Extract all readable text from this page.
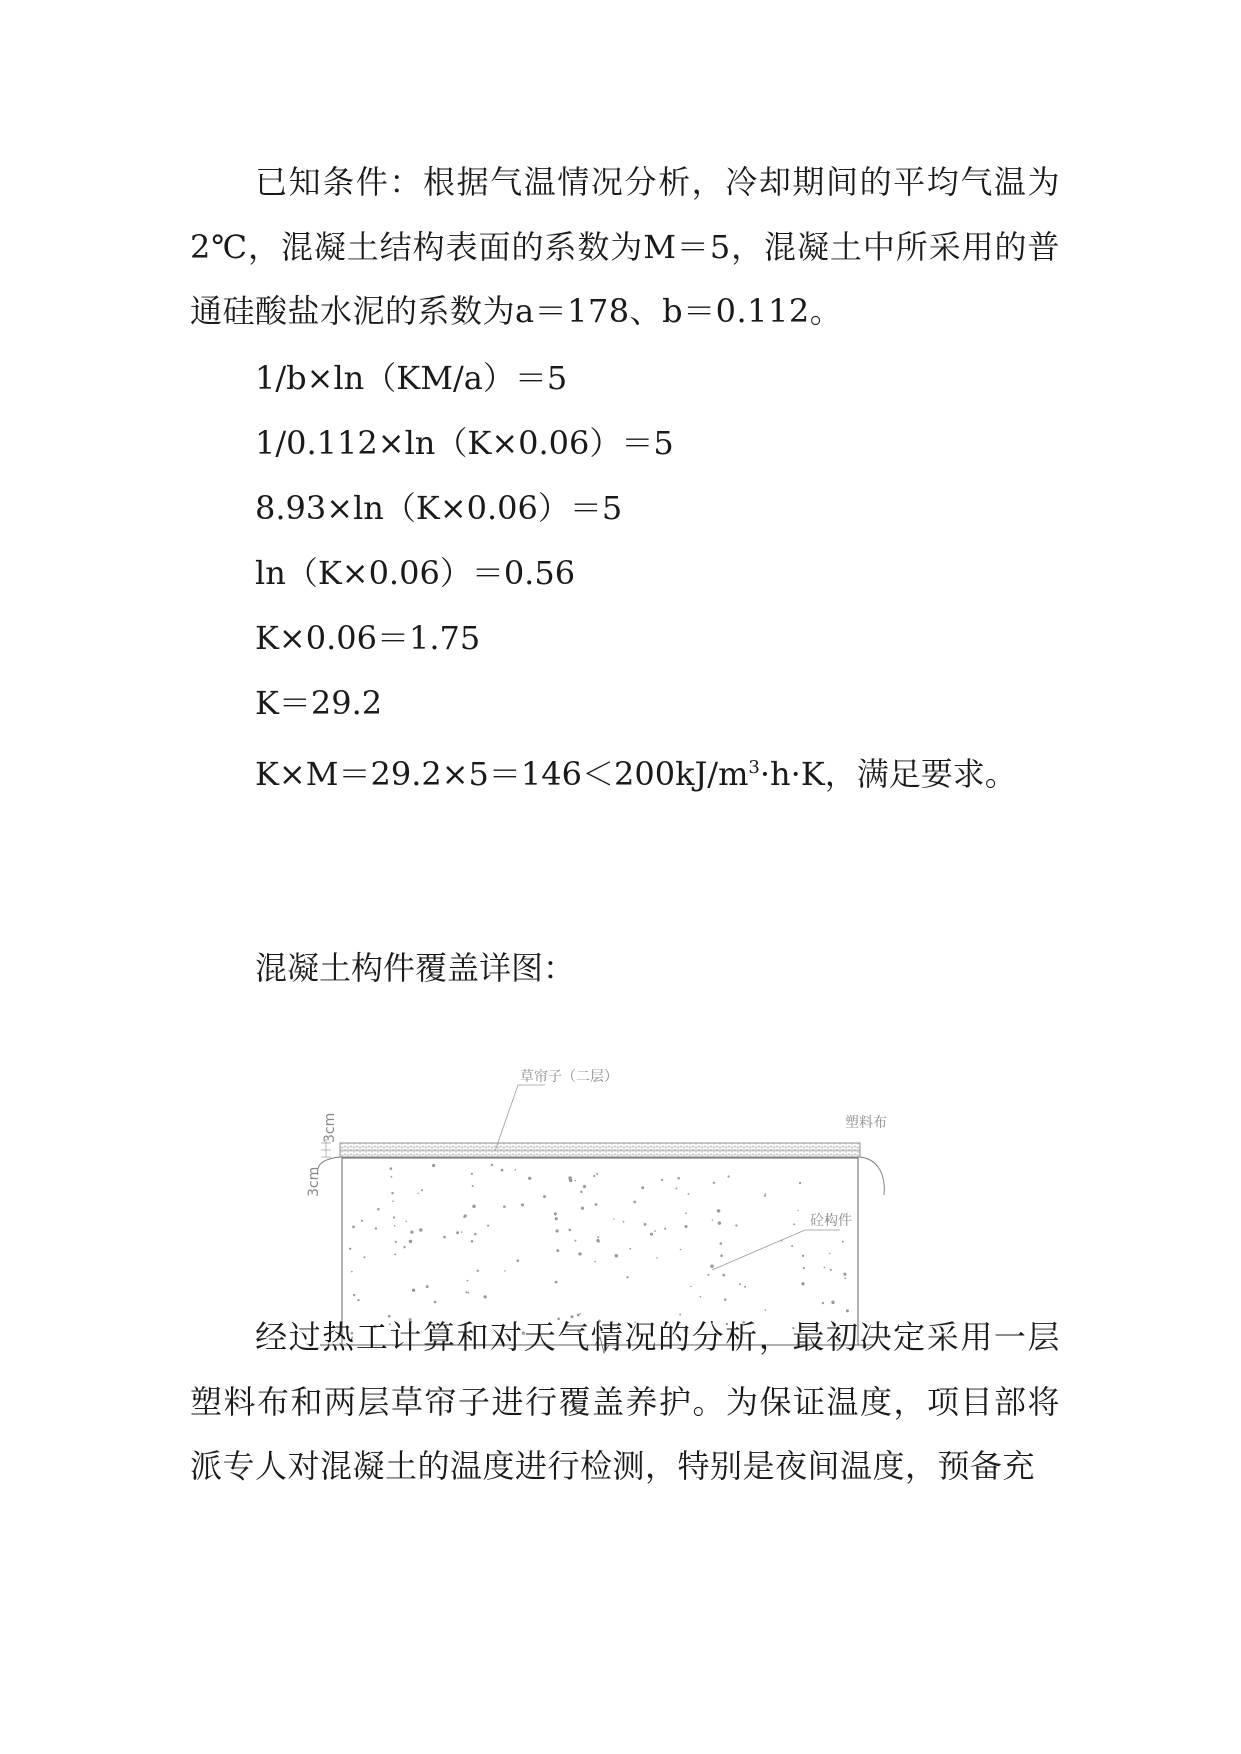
已知条件：根据气温情况分析，冷却期间的平均气温为2℃，混凝土结构表面的系数为M＝5，混凝土中所采用的普通硅酸盐水泥的系数为a＝178、b＝0.112。

1/b×ln（KM/a）＝5

1/0.112×ln（K×0.06）＝5

8.93×ln（K×0.06）＝5

ln（K×0.06）＝0.56

K×0.06＝1.75

K＝29.2

$K\times M=29.2\times 5=146<200kJ/m^3\cdot h\cdot K$，满足要求。

混凝土构件覆盖详图：

3cm
3cm
草帘子（二层）
塑料布
砼构件

经过热工计算和对天气情况的分析，最初决定采用一层塑料布和两层草帘子进行覆盖养护。为保证温度，项目部将派专人对混凝土的温度进行检测，特别是夜间温度，预备充
